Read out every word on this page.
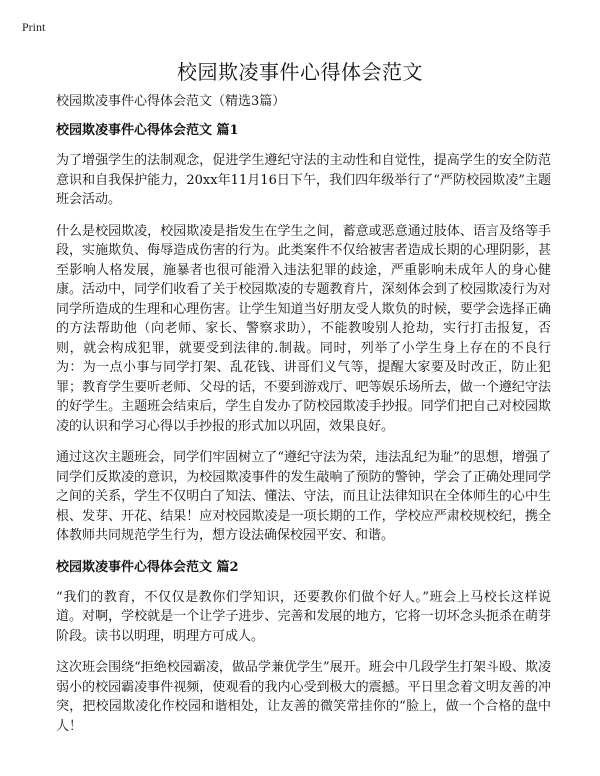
Print
校园欺凌事件心得体会范文

校园欺凌事件心得体会范文（精选3篇）

校园欺凌事件心得体会范文 篇1

为了增强学生的法制观念，促进学生遵纪守法的主动性和自觉性，提高学生的安全防范意识和自我保护能力，20xx年11月16日下午，我们四年级举行了“严防校园欺凌”主题班会活动。

什么是校园欺凌，校园欺凌是指发生在学生之间，蓄意或恶意通过肢体、语言及络等手段，实施欺负、侮辱造成伤害的行为。此类案件不仅给被害者造成长期的心理阴影，甚至影响人格发展，施暴者也很可能滑入违法犯罪的歧途，严重影响未成年人的身心健康。活动中，同学们收看了关于校园欺凌的专题教育片，深刻体会到了校园欺凌行为对同学所造成的生理和心理伤害。让学生知道当好朋友受人欺负的时候，要学会选择正确的方法帮助他（向老师、家长、警察求助），不能教唆别人抢劫，实行打击报复，否则，就会构成犯罪，就要受到法律的.制裁。同时，列举了小学生身上存在的不良行为：为一点小事与同学打架、乱花钱、讲哥们义气等，提醒大家要及时改正，防止犯罪；教育学生要听老师、父母的话，不要到游戏厅、吧等娱乐场所去，做一个遵纪守法的好学生。主题班会结束后，学生自发办了防校园欺凌手抄报。同学们把自己对校园欺凌的认识和学习心得以手抄报的形式加以巩固，效果良好。

通过这次主题班会，同学们牢固树立了“遵纪守法为荣，违法乱纪为耻”的思想，增强了同学们反欺凌的意识，为校园欺凌事件的发生敲响了预防的警钟，学会了正确处理同学之间的关系，学生不仅明白了知法、懂法、守法，而且让法律知识在全体师生的心中生根、发芽、开花、结果！应对校园欺凌是一项长期的工作，学校应严肃校规校纪，携全体教师共同规范学生行为，想方设法确保校园平安、和谐。

校园欺凌事件心得体会范文 篇2

“我们的教育，不仅仅是教你们学知识，还要教你们做个好人。”班会上马校长这样说道。对啊，学校就是一个让学子进步、完善和发展的地方，它将一切坏念头扼杀在萌芽阶段。读书以明理，明理方可成人。

这次班会围绕“拒绝校园霸凌，做品学兼优学生”展开。班会中几段学生打架斗殴、欺凌弱小的校园霸凌事件视频，使观看的我内心受到极大的震撼。平日里念着文明友善的冲突，把校园欺凌化作校园和谐相处，让友善的微笑常挂你的“脸上，做一个合格的盘中人！
